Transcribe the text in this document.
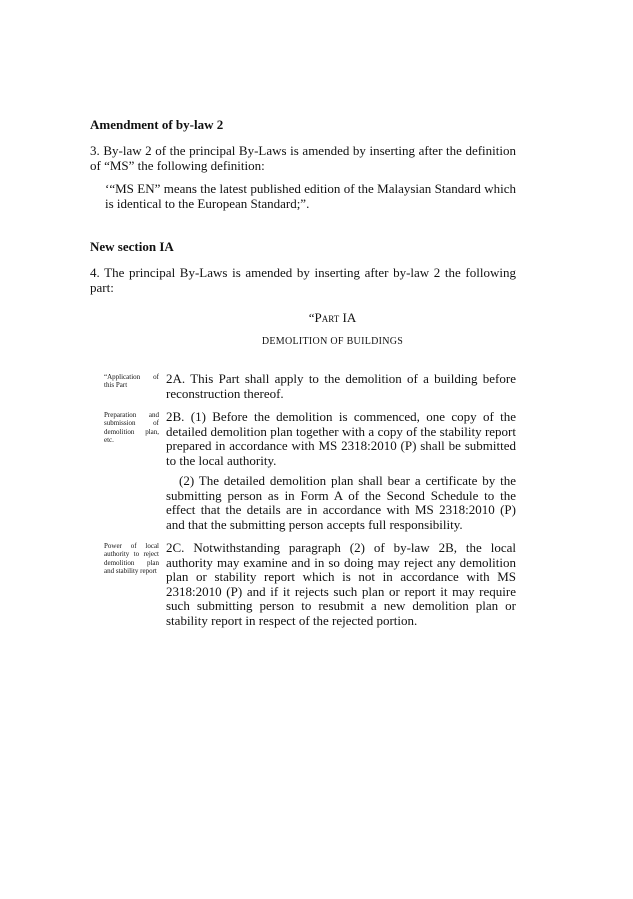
Amendment of by-law 2
3. By-law 2 of the principal By-Laws is amended by inserting after the definition of “MS” the following definition:
‘“MS EN” means the latest published edition of the Malaysian Standard which is identical to the European Standard;”.
New section IA
4. The principal By-Laws is amended by inserting after by-law 2 the following part:
“Part IA
DEMOLITION OF BUILDINGS
“Application of this Part	2A. This Part shall apply to the demolition of a building before reconstruction thereof.
Preparation and submission of demolition plan, etc.
2B. (1) Before the demolition is commenced, one copy of the detailed demolition plan together with a copy of the stability report prepared in accordance with MS 2318:2010 (P) shall be submitted to the local authority.
(2) The detailed demolition plan shall bear a certificate by the submitting person as in Form A of the Second Schedule to the effect that the details are in accordance with MS 2318:2010 (P) and that the submitting person accepts full responsibility.
Power of local authority to reject demolition plan and stability report
2C. Notwithstanding paragraph (2) of by-law 2B, the local authority may examine and in so doing may reject any demolition plan or stability report which is not in accordance with MS 2318:2010 (P) and if it rejects such plan or report it may require such submitting person to resubmit a new demolition plan or stability report in respect of the rejected portion.
